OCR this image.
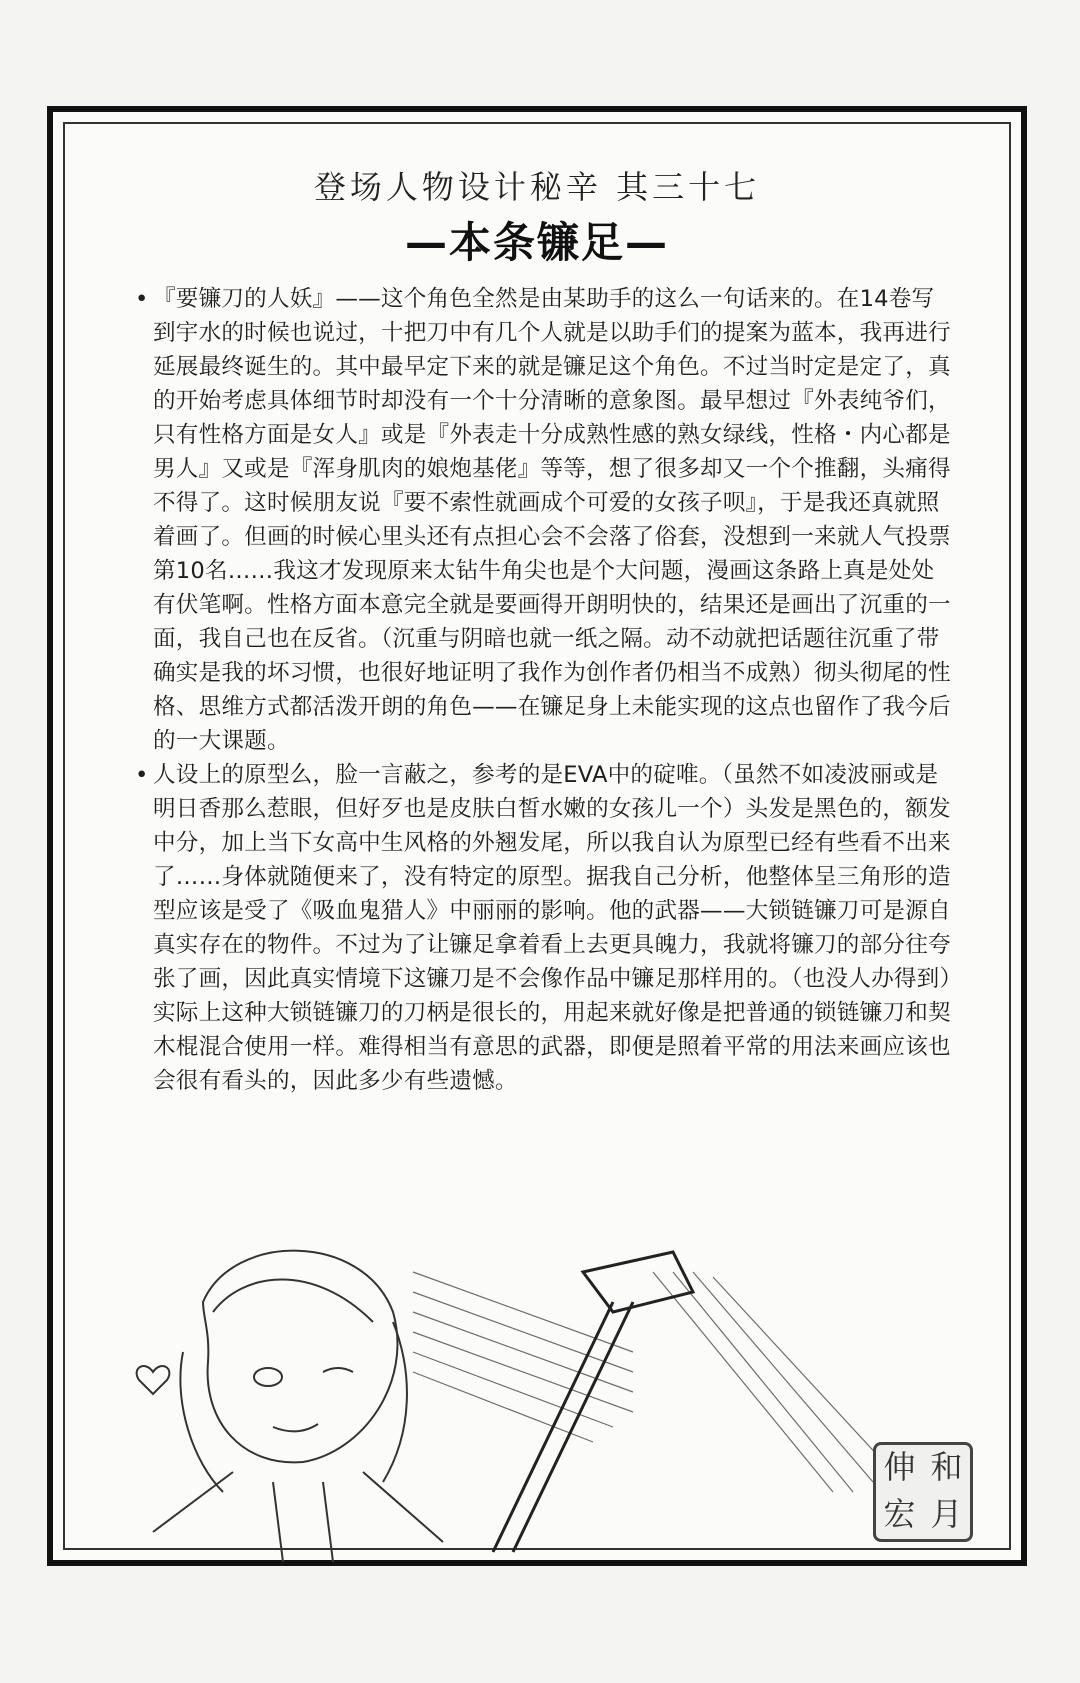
登场人物设计秘辛 其三十七
—本条镰足—

• 『要镰刀的人妖』——这个角色全然是由某助手的这么一句话来的。在14卷写到宇水的时候也说过，十把刀中有几个人就是以助手们的提案为蓝本，我再进行延展最终诞生的。其中最早定下来的就是镰足这个角色。不过当时定是定了，真的开始考虑具体细节时却没有一个十分清晰的意象图。最早想过『外表纯爷们，只有性格方面是女人』或是『外表走十分成熟性感的熟女绿线，性格・内心都是男人』又或是『浑身肌肉的娘炮基佬』等等，想了很多却又一个个推翻，头痛得不得了。这时候朋友说『要不索性就画成个可爱的女孩子呗』，于是我还真就照着画了。但画的时候心里头还有点担心会不会落了俗套，没想到一来就人气投票第10名……我这才发现原来太钻牛角尖也是个大问题，漫画这条路上真是处处有伏笔啊。性格方面本意完全就是要画得开朗明快的，结果还是画出了沉重的一面，我自己也在反省。（沉重与阴暗也就一纸之隔。动不动就把话题往沉重了带确实是我的坏习惯，也很好地证明了我作为创作者仍相当不成熟）彻头彻尾的性格、思维方式都活泼开朗的角色——在镰足身上未能实现的这点也留作了我今后的一大课题。

• 人设上的原型么，脸一言蔽之，参考的是EVA中的碇唯。（虽然不如凌波丽或是明日香那么惹眼，但好歹也是皮肤白皙水嫩的女孩儿一个）头发是黑色的，额发中分，加上当下女高中生风格的外翘发尾，所以我自认为原型已经有些看不出来了……身体就随便来了，没有特定的原型。据我自己分析，他整体呈三角形的造型应该是受了《吸血鬼猎人》中丽丽的影响。他的武器——大锁链镰刀可是源自真实存在的物件。不过为了让镰足拿着看上去更具魄力，我就将镰刀的部分往夸张了画，因此真实情境下这镰刀是不会像作品中镰足那样用的。（也没人办得到）实际上这种大锁链镰刀的刀柄是很长的，用起来就好像是把普通的锁链镰刀和契木棍混合使用一样。难得相当有意思的武器，即便是照着平常的用法来画应该也会很有看头的，因此多少有些遗憾。

伸 和
宏 月
